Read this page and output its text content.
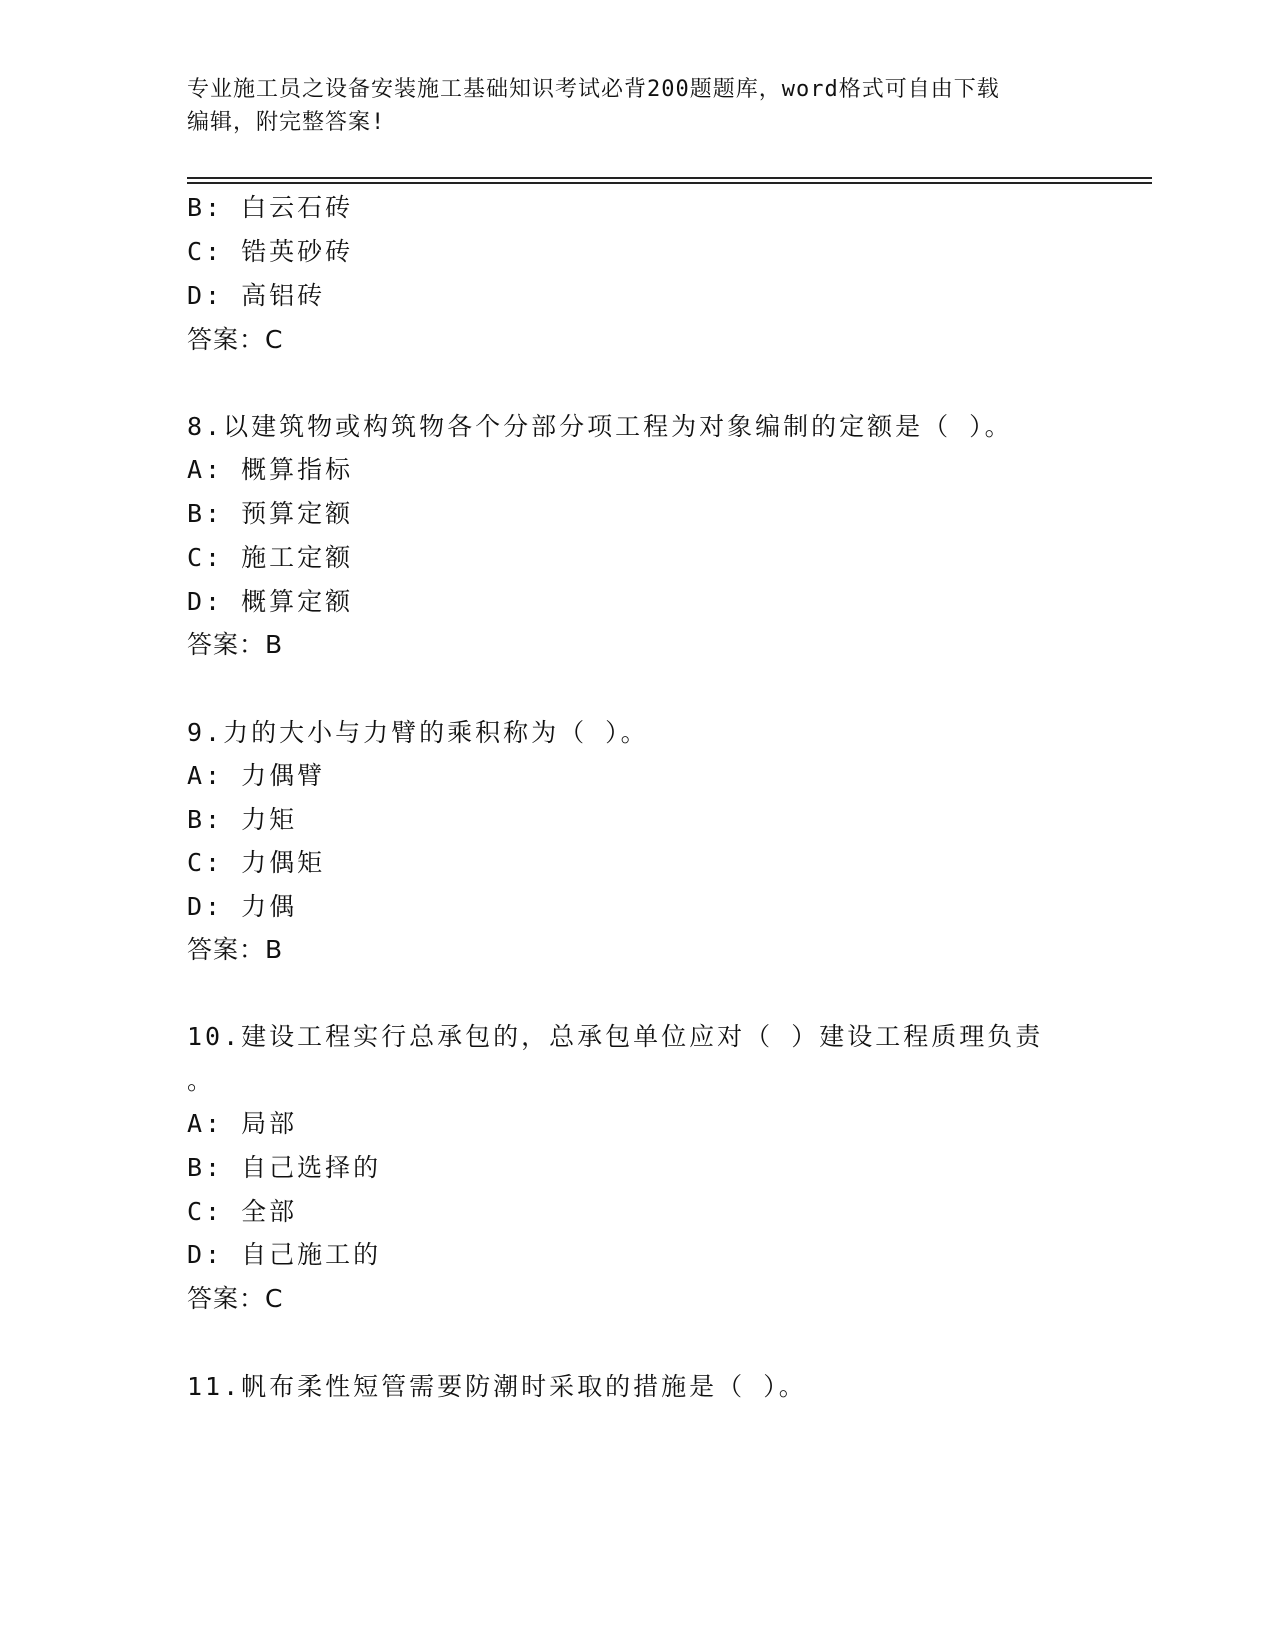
专业施工员之设备安装施工基础知识考试必背200题题库，word格式可自由下载
编辑，附完整答案!
B: 白云石砖
C: 锆英砂砖
D: 高铝砖
答案：C
8.以建筑物或构筑物各个分部分项工程为对象编制的定额是（ ）。
A: 概算指标
B: 预算定额
C: 施工定额
D: 概算定额
答案：B
9.力的大小与力臂的乘积称为（ ）。
A: 力偶臂
B: 力矩
C: 力偶矩
D: 力偶
答案：B
10.建设工程实行总承包的，总承包单位应对（ ）建设工程质理负责
。
A: 局部
B: 自己选择的
C: 全部
D: 自己施工的
答案：C
11.帆布柔性短管需要防潮时采取的措施是（ ）。
